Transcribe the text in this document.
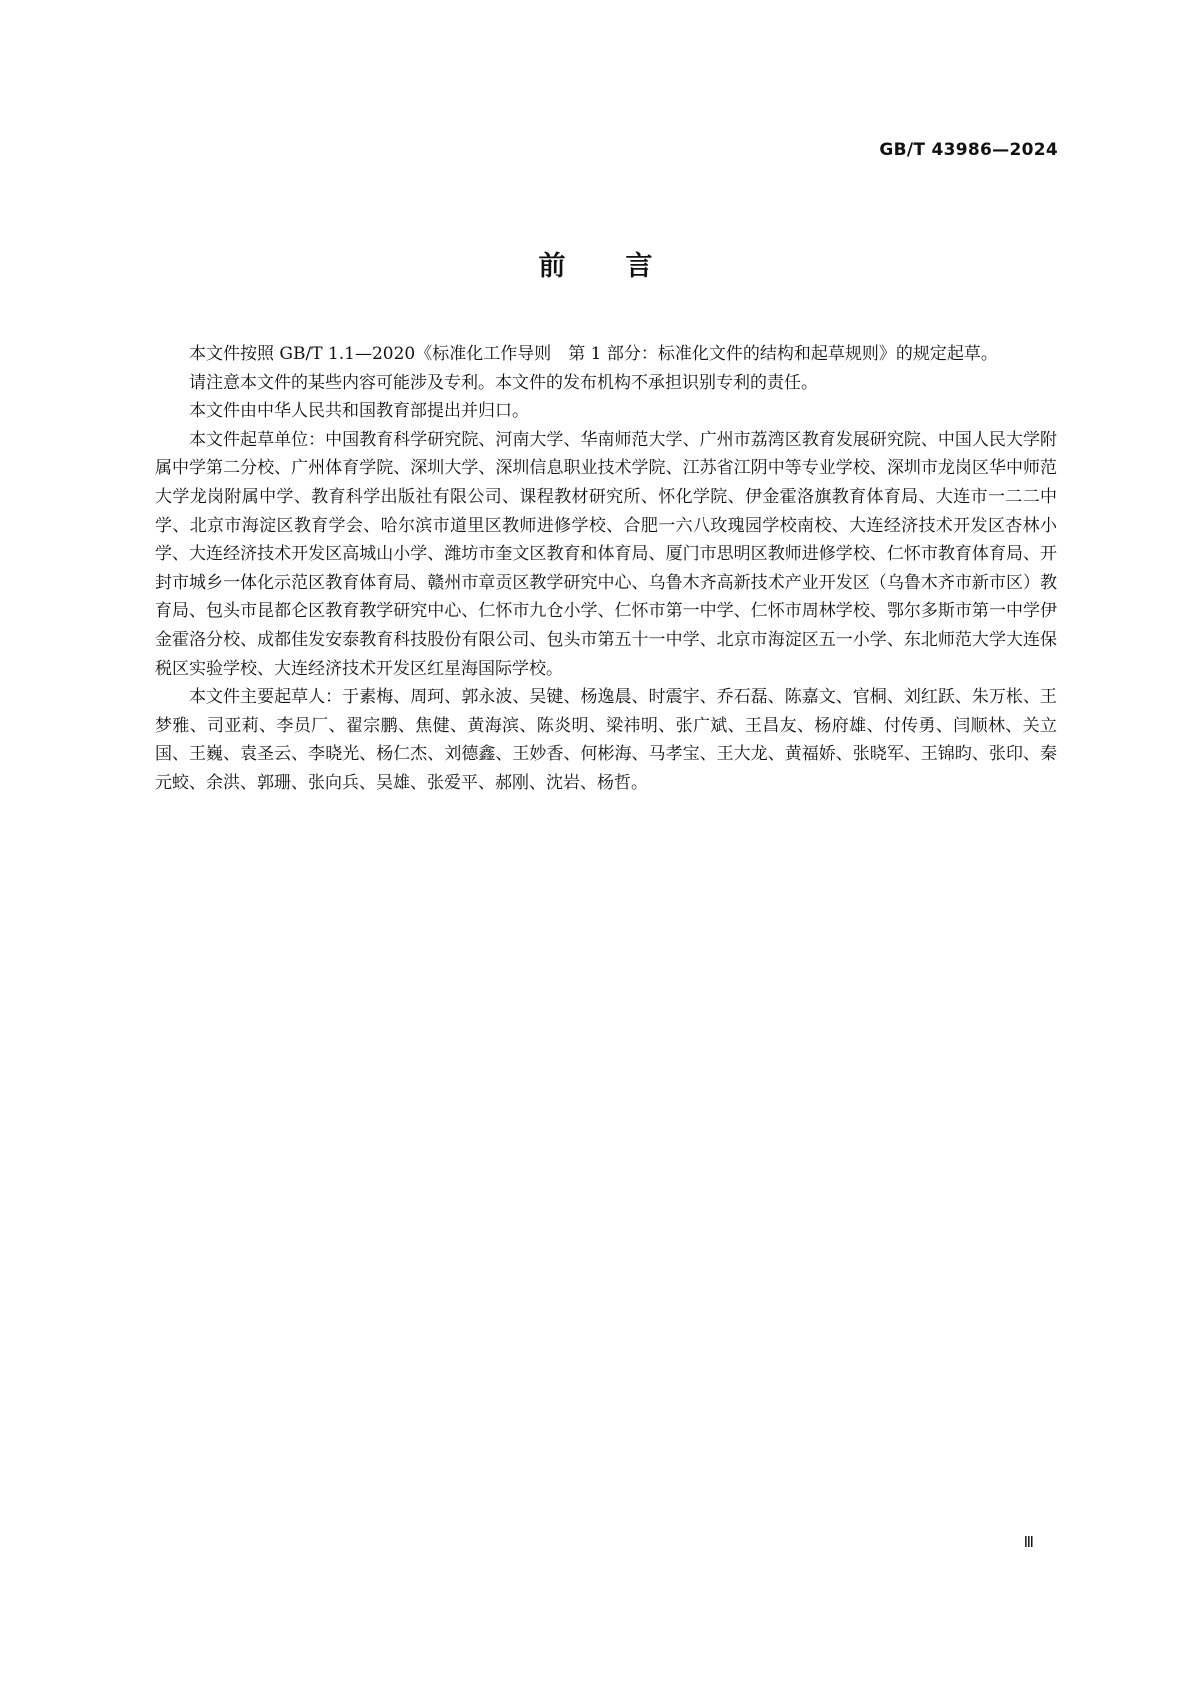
GB/T 43986—2024
前言

本文件按照 GB/T 1.1—2020《标准化工作导则　第 1 部分：标准化文件的结构和起草规则》的规定起草。

请注意本文件的某些内容可能涉及专利。本文件的发布机构不承担识别专利的责任。

本文件由中华人民共和国教育部提出并归口。

本文件起草单位：中国教育科学研究院、河南大学、华南师范大学、广州市荔湾区教育发展研究院、中国人民大学附属中学第二分校、广州体育学院、深圳大学、深圳信息职业技术学院、江苏省江阴中等专业学校、深圳市龙岗区华中师范大学龙岗附属中学、教育科学出版社有限公司、课程教材研究所、怀化学院、伊金霍洛旗教育体育局、大连市一二二中学、北京市海淀区教育学会、哈尔滨市道里区教师进修学校、合肥一六八玫瑰园学校南校、大连经济技术开发区杏林小学、大连经济技术开发区高城山小学、潍坊市奎文区教育和体育局、厦门市思明区教师进修学校、仁怀市教育体育局、开封市城乡一体化示范区教育体育局、赣州市章贡区教学研究中心、乌鲁木齐高新技术产业开发区（乌鲁木齐市新市区）教育局、包头市昆都仑区教育教学研究中心、仁怀市九仓小学、仁怀市第一中学、仁怀市周林学校、鄂尔多斯市第一中学伊金霍洛分校、成都佳发安泰教育科技股份有限公司、包头市第五十一中学、北京市海淀区五一小学、东北师范大学大连保税区实验学校、大连经济技术开发区红星海国际学校。

本文件主要起草人：于素梅、周珂、郭永波、吴键、杨逸晨、时震宇、乔石磊、陈嘉文、官桐、刘红跃、朱万枨、王梦雅、司亚莉、李员厂、翟宗鹏、焦健、黄海滨、陈炎明、梁祎明、张广斌、王昌友、杨府雄、付传勇、闫顺林、关立国、王巍、袁圣云、李晓光、杨仁杰、刘德鑫、王妙香、何彬海、马孝宝、王大龙、黄福娇、张晓军、王锦昀、张印、秦元蛟、余洪、郭珊、张向兵、吴雄、张爱平、郝刚、沈岩、杨哲。

Ⅲ
